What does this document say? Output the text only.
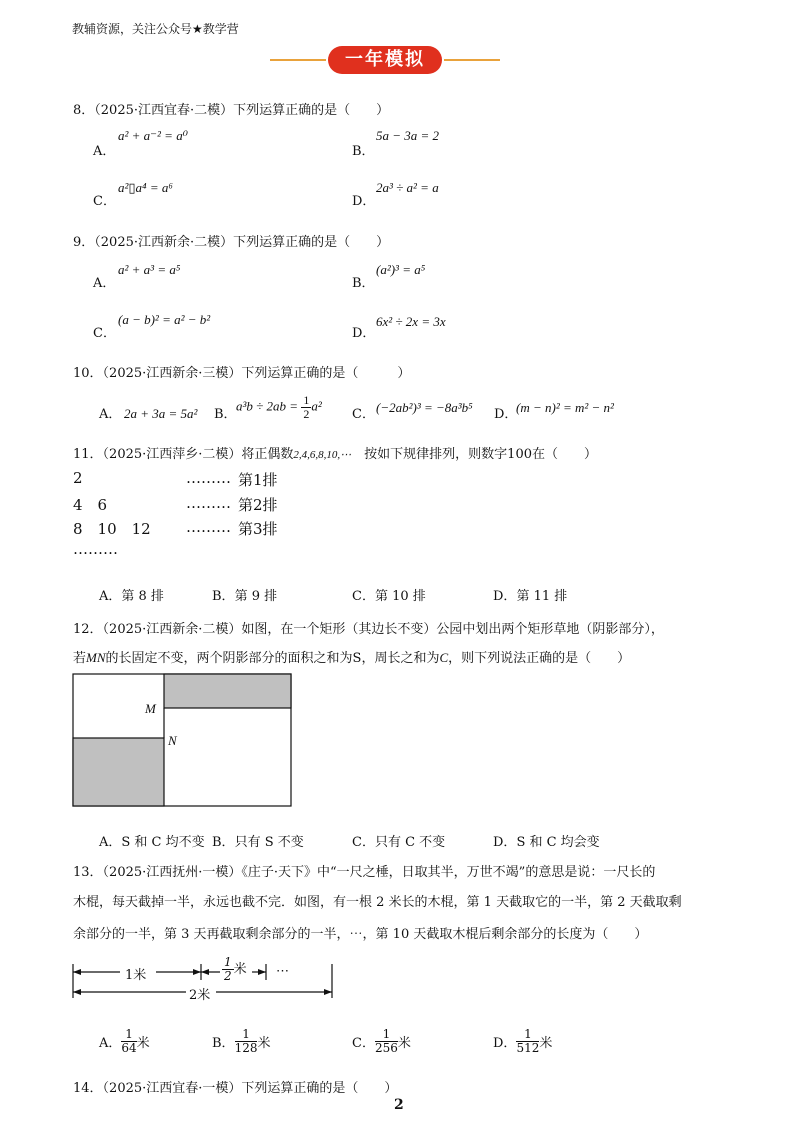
教辅资源，关注公众号★教学营
一年模拟
8．（2025·江西宜春·二模）下列运算正确的是（　　）
A．
a² + a⁻² = a⁰
B．
5a − 3a = 2
C．
a²▯a⁴ = a⁶
D．
2a³ ÷ a² = a
9．（2025·江西新余·二模）下列运算正确的是（　　）
A．
a² + a³ = a⁵
B．
(a²)³ = a⁵
C．
(a − b)² = a² − b²
D．
6x² ÷ 2x = 3x
10．（2025·江西新余·三模）下列运算正确的是（　　　）
A． 2a + 3a = 5a² B．
$a^3b \div 2ab = \frac{1}{2} a^2$
C． (−2ab²)³ = −8a³b⁵ D．
(m − n)² = m² − n²
11．（2025·江西萍乡·二模）将正偶数2,4,6,8,10,⋯　 按如下规律排列，则数字100在（　　）
2	……… 第1排
4　6	……… 第2排
8　10　12 ……… 第3排
………
A．第 8 排	B．第 9 排	C．第 10 排	D．第 11 排
12．（2025·江西新余·二模）如图，在一个矩形（其边长不变）公园中划出两个矩形草地（阴影部分），
若MN的长固定不变，两个阴影部分的面积之和为S，周长之和为C，则下列说法正确的是（　　）
M
N
A．S 和 C 均不变 B．只有 S 不变	C．只有 C 不变	D．S 和 C 均会变
13．（2025·江西抚州·一模）《庄子·天下》中“一尺之棰，日取其半，万世不竭”的意思是说：一尺长的
木棍，每天截掉一半，永远也截不完．如图，有一根 2 米长的木棍，第 1 天截取它的一半，第 2 天截取剩
余部分的一半，第 3 天再截取剩余部分的一半，⋯，第 10 天截取木棍后剩余部分的长度为（　　）
1米	$\frac{1}{2}$ 米 ⋯
2米
A． $\frac{1}{64}$ 米	B． $\frac{1}{128}$ 米	C． $\frac{1}{256}$ 米	D． $\frac{1}{512}$ 米
14．（2025·江西宜春·一模）下列运算正确的是（　　）
2
